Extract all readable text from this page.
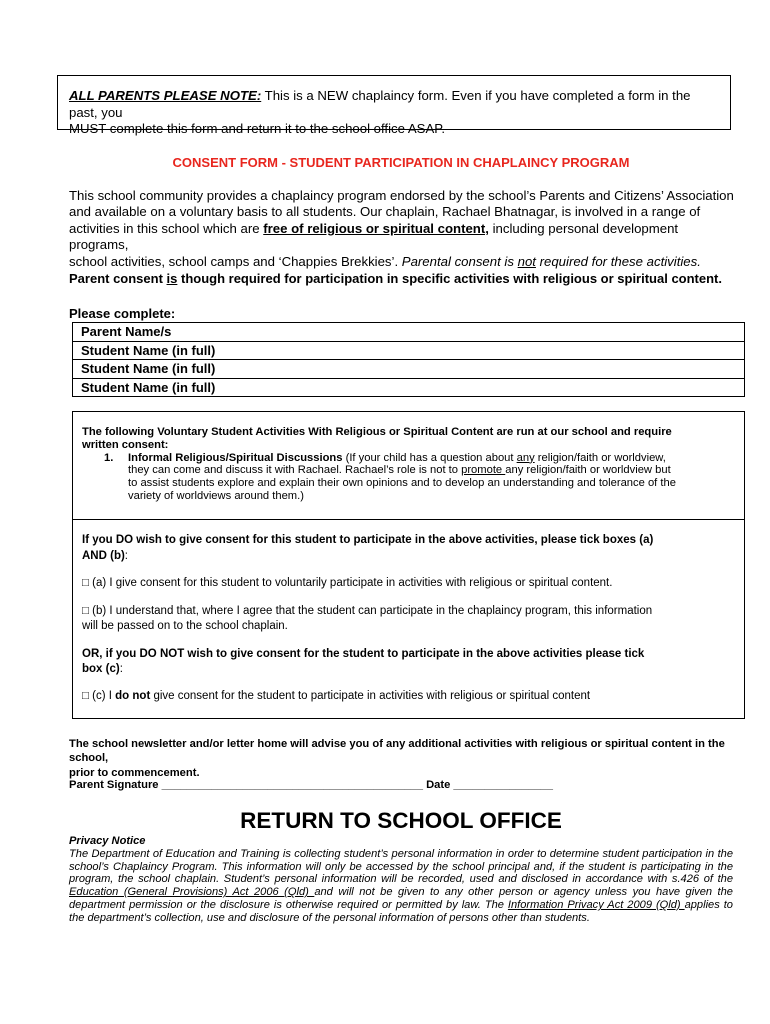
ALL PARENTS PLEASE NOTE: This is a NEW chaplaincy form. Even if you have completed a form in the past, you
MUST complete this form and return it to the school office ASAP.
CONSENT FORM - STUDENT PARTICIPATION IN CHAPLAINCY PROGRAM
This school community provides a chaplaincy program endorsed by the school’s Parents and Citizens’ Association
and available on a voluntary basis to all students. Our chaplain, Rachael Bhatnagar, is involved in a range of
activities in this school which are free of religious or spiritual content, including personal development programs,
school activities, school camps and ‘Chappies Brekkies’. Parental consent is not required for these activities.
Parent consent is though required for participation in specific activities with religious or spiritual content.
Please complete:
Parent Name/s
Student Name (in full)
Student Name (in full)
Student Name (in full)
The following Voluntary Student Activities With Religious or Spiritual Content are run at our school and require
written consent:
1. Informal Religious/Spiritual Discussions (If your child has a question about any religion/faith or worldview,
they can come and discuss it with Rachael. Rachael’s role is not to promote any religion/faith or worldview but
to assist students explore and explain their own opinions and to develop an understanding and tolerance of the
variety of worldviews around them.)

If you DO wish to give consent for this student to participate in the above activities, please tick boxes (a)
AND (b):

□ (a) I give consent for this student to voluntarily participate in activities with religious or spiritual content.

□ (b) I understand that, where I agree that the student can participate in the chaplaincy program, this information
will be passed on to the school chaplain.

OR, if you DO NOT wish to give consent for the student to participate in the above activities please tick
box (c):

□ (c) I do not give consent for the student to participate in activities with religious or spiritual content

The school newsletter and/or letter home will advise you of any additional activities with religious or spiritual content in the school,
prior to commencement.
Parent Signature __________________________________________ Date ________________
RETURN TO SCHOOL OFFICE
Privacy Notice
The Department of Education and Training is collecting student’s personal information in order to determine student participation in the school’s Chaplaincy Program. This information will only be accessed by the school principal and, if the student is participating in the program, the school chaplain. Student’s personal information will be recorded, used and disclosed in accordance with s.426 of the Education (General Provisions) Act 2006 (Qld) and will not be given to any other person or agency unless you have given the department permission or the disclosure is otherwise required or permitted by law. The Information Privacy Act 2009 (Qld) applies to the department’s collection, use and disclosure of the personal information of persons other than students.
